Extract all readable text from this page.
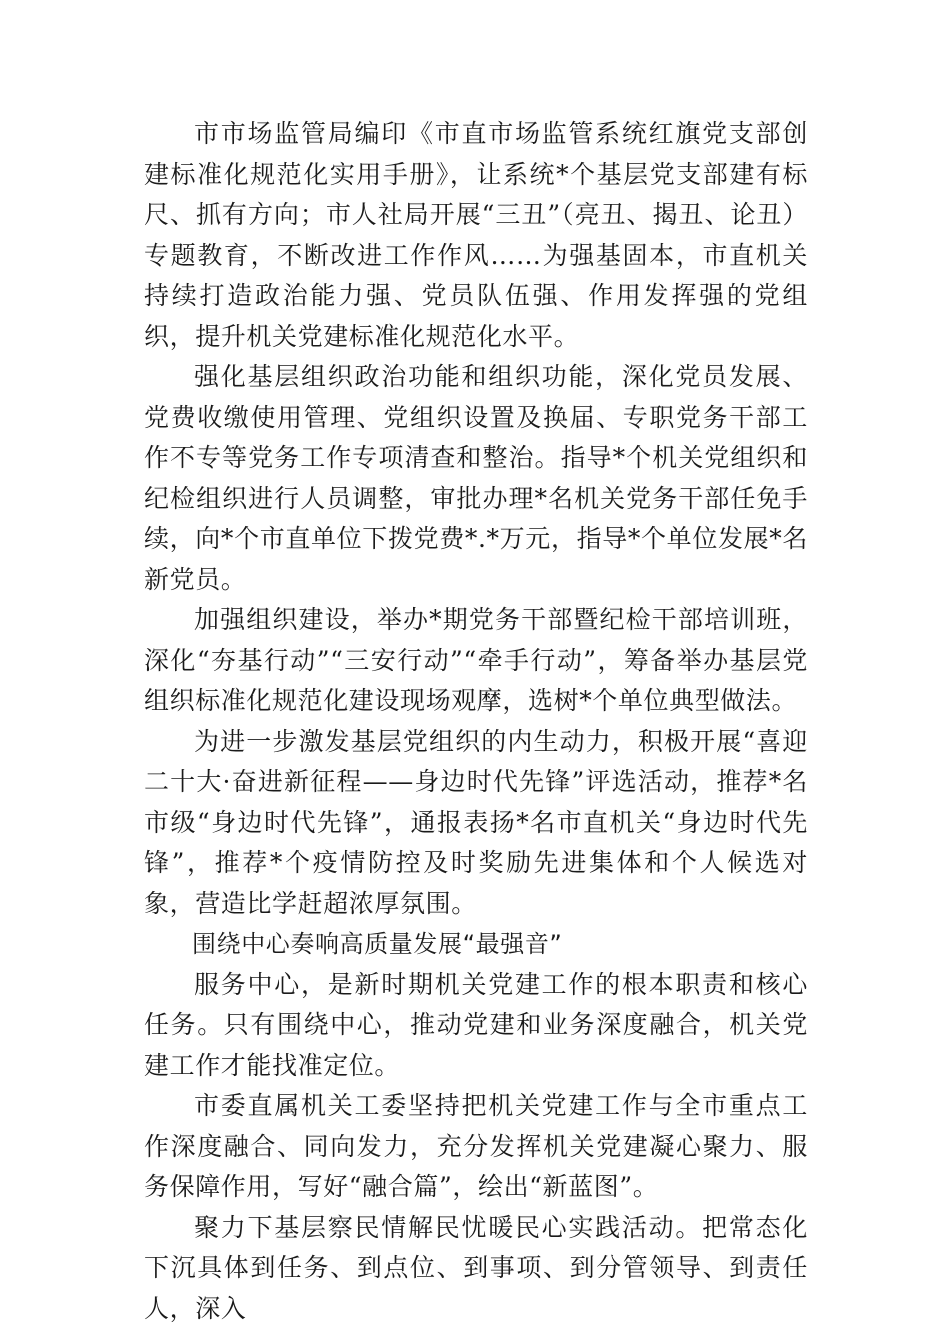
市市场监管局编印《市直市场监管系统红旗党支部创建标准化规范化实用手册》，让系统*个基层党支部建有标尺、抓有方向；市人社局开展“三丑”（亮丑、揭丑、论丑）专题教育，不断改进工作作风……为强基固本，市直机关持续打造政治能力强、党员队伍强、作用发挥强的党组织，提升机关党建标准化规范化水平。

强化基层组织政治功能和组织功能，深化党员发展、党费收缴使用管理、党组织设置及换届、专职党务干部工作不专等党务工作专项清查和整治。指导*个机关党组织和纪检组织进行人员调整，审批办理*名机关党务干部任免手续，向*个市直单位下拨党费*.*万元，指导*个单位发展*名新党员。

加强组织建设，举办*期党务干部暨纪检干部培训班，深化“夯基行动”“三安行动”“牵手行动”，筹备举办基层党组织标准化规范化建设现场观摩，选树*个单位典型做法。

为进一步激发基层党组织的内生动力，积极开展“喜迎二十大·奋进新征程——身边时代先锋”评选活动，推荐*名市级“身边时代先锋”，通报表扬*名市直机关“身边时代先锋”，推荐*个疫情防控及时奖励先进集体和个人候选对象，营造比学赶超浓厚氛围。

围绕中心奏响高质量发展“最强音”

服务中心，是新时期机关党建工作的根本职责和核心任务。只有围绕中心，推动党建和业务深度融合，机关党建工作才能找准定位。

市委直属机关工委坚持把机关党建工作与全市重点工作深度融合、同向发力，充分发挥机关党建凝心聚力、服务保障作用，写好“融合篇”，绘出“新蓝图”。

聚力下基层察民情解民忧暖民心实践活动。把常态化下沉具体到任务、到点位、到事项、到分管领导、到责任人，深入
